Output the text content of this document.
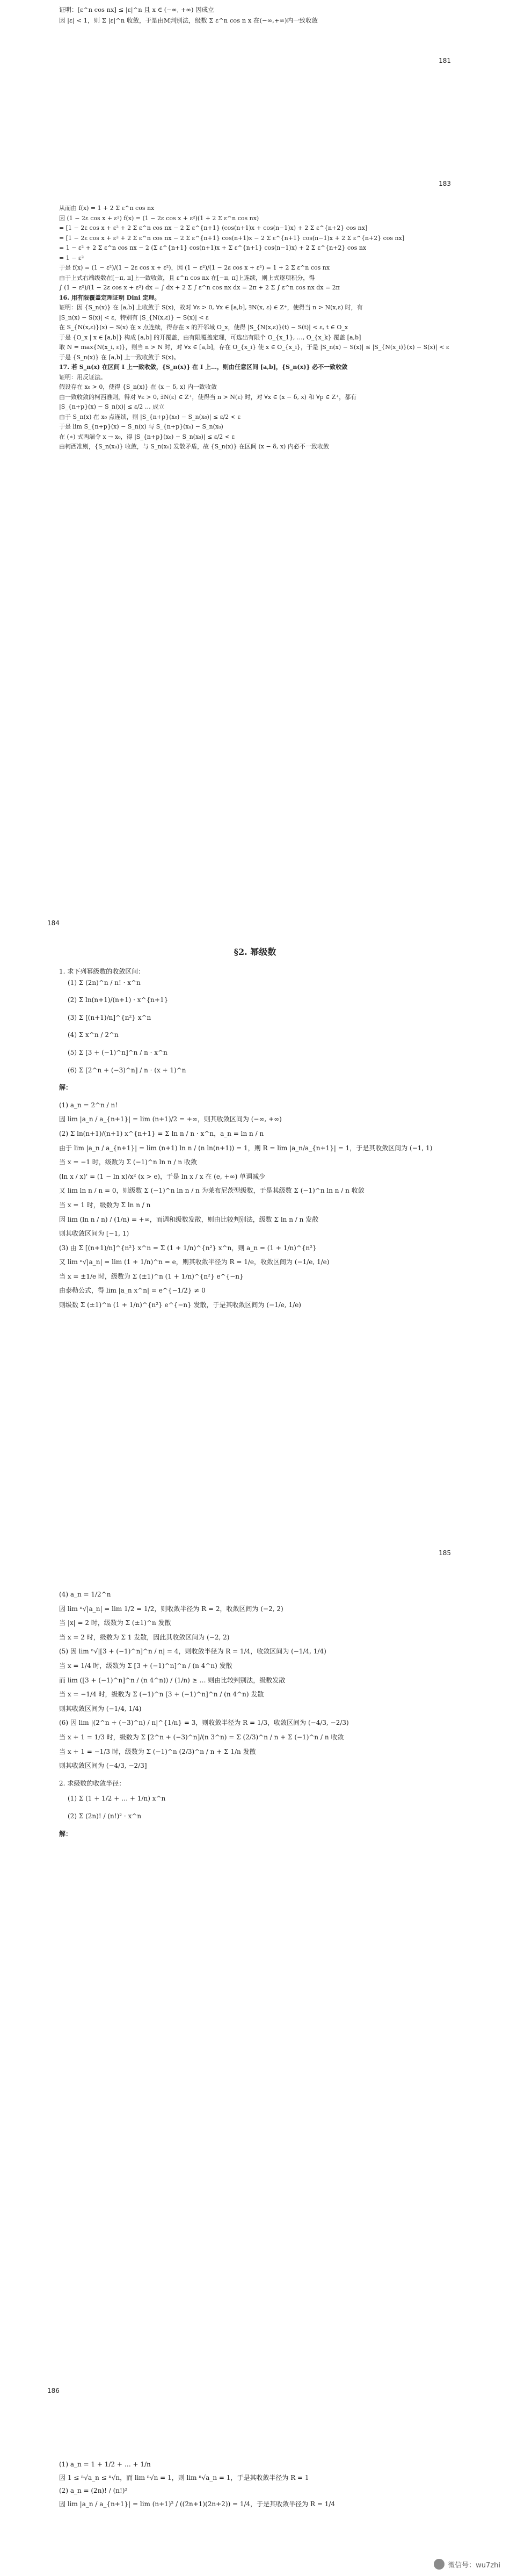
证明：[ε^n cos nx] ≤ |ε|^n 且 x ∈ (−∞, +∞) 因成立
因 |ε| < 1，则 Σ |ε|^n 收敛，于是由M判别法，级数 Σ ε^n cos n x 在(−∞,+∞)内一致收敛
181
183
从而由 f(x) = 1 + 2 Σ ε^n cos nx
因 (1 − 2ε cos x + ε²) f(x) = (1 − 2ε cos x + ε²)(1 + 2 Σ ε^n cos nx)
= [1 − 2ε cos x + ε² + 2 Σ ε^n cos nx − 2 Σ ε^{n+1} (cos(n+1)x + cos(n−1)x) + 2 Σ ε^{n+2} cos nx]
= [1 − 2ε cos x + ε² + 2 Σ ε^n cos nx − 2 Σ ε^{n+1} cos(n+1)x − 2 Σ ε^{n+1} cos(n−1)x + 2 Σ ε^{n+2} cos nx]
= 1 − ε² + 2 Σ ε^n cos nx − 2 (Σ ε^{n+1} cos(n+1)x + Σ ε^{n+1} cos(n−1)x) + 2 Σ ε^{n+2} cos nx
= 1 − ε²
于是 f(x) = (1 − ε²)/(1 − 2ε cos x + ε²)，因 (1 − ε²)/(1 − 2ε cos x + ε²) = 1 + 2 Σ ε^n cos nx
由于上式右端级数在[−π, π]上一致收敛，且 ε^n cos nx 在[−π, π]上连续，则上式逐项积分，得
∫ (1 − ε²)/(1 − 2ε cos x + ε²) dx = ∫ dx + 2 Σ ∫ ε^n cos nx dx = 2π + 2 Σ ∫ ε^n cos nx dx = 2π
16. 用有限覆盖定理证明 Dini 定理。
证明：因 {S_n(x)} 在 [a,b] 上收敛于 S(x)，故对 ∀ε > 0, ∀x ∈ [a,b], ∃N(x, ε) ∈ Z⁺，使得当 n > N(x,ε) 时，有
|S_n(x) − S(x)| < ε，特别有 |S_{N(x,ε)} − S(x)| < ε
在 S_{N(x,ε)}(x) − S(x) 在 x 点连续，得存在 x 的开邻域 O_x，使得 |S_{N(x,ε)}(t) − S(t)| < ε, t ∈ O_x
于是 {O_x | x ∈ [a,b]} 构成 [a,b] 的开覆盖，由有限覆盖定理，可选出有限个 O_{x_1}, …, O_{x_k} 覆盖 [a,b]
取 N = max{N(x_i, ε)}，则当 n > N 时，对 ∀x ∈ [a,b]，存在 O_{x_i} 使 x ∈ O_{x_i}，于是 |S_n(x) − S(x)| ≤ |S_{N(x_i)}(x) − S(x)| < ε
于是 {S_n(x)} 在 [a,b] 上一致收敛于 S(x)。
17. 若 S_n(x) 在区间 I 上一致收敛，{S_n(x)} 在 I 上…，则由任意区间 [a,b]，{S_n(x)} 必不一致收敛
证明：用反证法。
假设存在 x₀ > 0，使得 {S_n(x)} 在 (x − δ, x) 内一致收敛
由一致收敛的柯西准则，得对 ∀ε > 0, ∃N(ε) ∈ Z⁺，使得当 n > N(ε) 时，对 ∀x ∈ (x − δ, x) 和 ∀p ∈ Z⁺，都有
|S_{n+p}(x) − S_n(x)| ≤ ε/2 … 成立
由于 S_n(x) 在 x₀ 点连续，则 |S_{n+p}(x₀) − S_n(x₀)| ≤ ε/2 < ε
于是 lim S_{n+p}(x) − S_n(x) 与 S_{n+p}(x₀) − S_n(x₀)
在 (∗) 式两端令 x → x₀，得 |S_{n+p}(x₀) − S_n(x₀)| ≤ ε/2 < ε
由柯西准则，{S_n(x₀)} 收敛，与 S_n(x₀) 发散矛盾，故 {S_n(x)} 在区间 (x − δ, x) 内必不一致收敛
184
§2. 幂级数
1. 求下列幂级数的收敛区间：
(1) Σ (2n)^n / n! · x^n
(2) Σ ln(n+1)/(n+1) · x^{n+1}
(3) Σ [(n+1)/n]^{n²} x^n
(4) Σ x^n / 2^n
(5) Σ [3 + (−1)^n]^n / n · x^n
(6) Σ [2^n + (−3)^n] / n · (x + 1)^n
解：
(1) a_n = 2^n / n!
因 lim |a_n / a_{n+1}| = lim (n+1)/2 = +∞，则其收敛区间为 (−∞, +∞)
(2) Σ ln(n+1)/(n+1) x^{n+1} = Σ ln n / n · x^n，a_n = ln n / n
由于 lim |a_n / a_{n+1}| = lim (n+1) ln n / (n ln(n+1)) = 1，则 R = lim |a_n/a_{n+1}| = 1，于是其收敛区间为 (−1, 1)
当 x = −1 时，级数为 Σ (−1)^n ln n / n 收敛
(ln x / x)' = (1 − ln x)/x² (x > e)，于是 ln x / x 在 (e, +∞) 单调减少
又 lim ln n / n = 0，则级数 Σ (−1)^n ln n / n 为莱布尼茨型级数，于是其级数 Σ (−1)^n ln n / n 收敛
当 x = 1 时，级数为 Σ ln n / n
因 lim (ln n / n) / (1/n) = +∞，而调和级数发散，则由比较判别法，级数 Σ ln n / n 发散
则其收敛区间为 [−1, 1)
(3) 由 Σ [(n+1)/n]^{n²} x^n = Σ (1 + 1/n)^{n²} x^n，则 a_n = (1 + 1/n)^{n²}
又 lim ⁿ√|a_n| = lim (1 + 1/n)^n = e，则其收敛半径为 R = 1/e，收敛区间为 (−1/e, 1/e)
当 x = ±1/e 时，级数为 Σ (±1)^n (1 + 1/n)^{n²} e^{−n}
由泰勒公式，得 lim |a_n x^n| = e^{−1/2} ≠ 0
则级数 Σ (±1)^n (1 + 1/n)^{n²} e^{−n} 发散，于是其收敛区间为 (−1/e, 1/e)
185
(4) a_n = 1/2^n
因 lim ⁿ√|a_n| = lim 1/2 = 1/2，则收敛半径为 R = 2，收敛区间为 (−2, 2)
当 |x| = 2 时，级数为 Σ (±1)^n 发散
当 x = 2 时，级数为 Σ 1 发散，因此其收敛区间为 (−2, 2)
(5) 因 lim ⁿ√|[3 + (−1)^n]^n / n| = 4，则收敛半径为 R = 1/4，收敛区间为 (−1/4, 1/4)
当 x = 1/4 时，级数为 Σ [3 + (−1)^n]^n / (n 4^n) 发散
而 lim ([3 + (−1)^n]^n / (n 4^n)) / (1/n) ≥ … 则由比较判别法，级数发散
当 x = −1/4 时，级数为 Σ (−1)^n [3 + (−1)^n]^n / (n 4^n) 发散
则其收敛区间为 (−1/4, 1/4)
(6) 因 lim |(2^n + (−3)^n) / n|^{1/n} = 3，则收敛半径为 R = 1/3，收敛区间为 (−4/3, −2/3)
当 x + 1 = 1/3 时，级数为 Σ [2^n + (−3)^n]/(n 3^n) = Σ (2/3)^n / n + Σ (−1)^n / n 收敛
当 x + 1 = −1/3 时，级数为 Σ (−1)^n (2/3)^n / n + Σ 1/n 发散
则其收敛区间为 (−4/3, −2/3]
2. 求级数的收敛半径：
(1) Σ (1 + 1/2 + … + 1/n) x^n
(2) Σ (2n)! / (n!)² · x^n
解：
186
(1) a_n = 1 + 1/2 + … + 1/n
因 1 ≤ ⁿ√a_n ≤ ⁿ√n，而 lim ⁿ√n = 1，则 lim ⁿ√a_n = 1，于是其收敛半径为 R = 1
(2) a_n = (2n)! / (n!)²
因 lim |a_n / a_{n+1}| = lim (n+1)² / ((2n+1)(2n+2)) = 1/4，于是其收敛半径为 R = 1/4
微信号：wu7zhi
